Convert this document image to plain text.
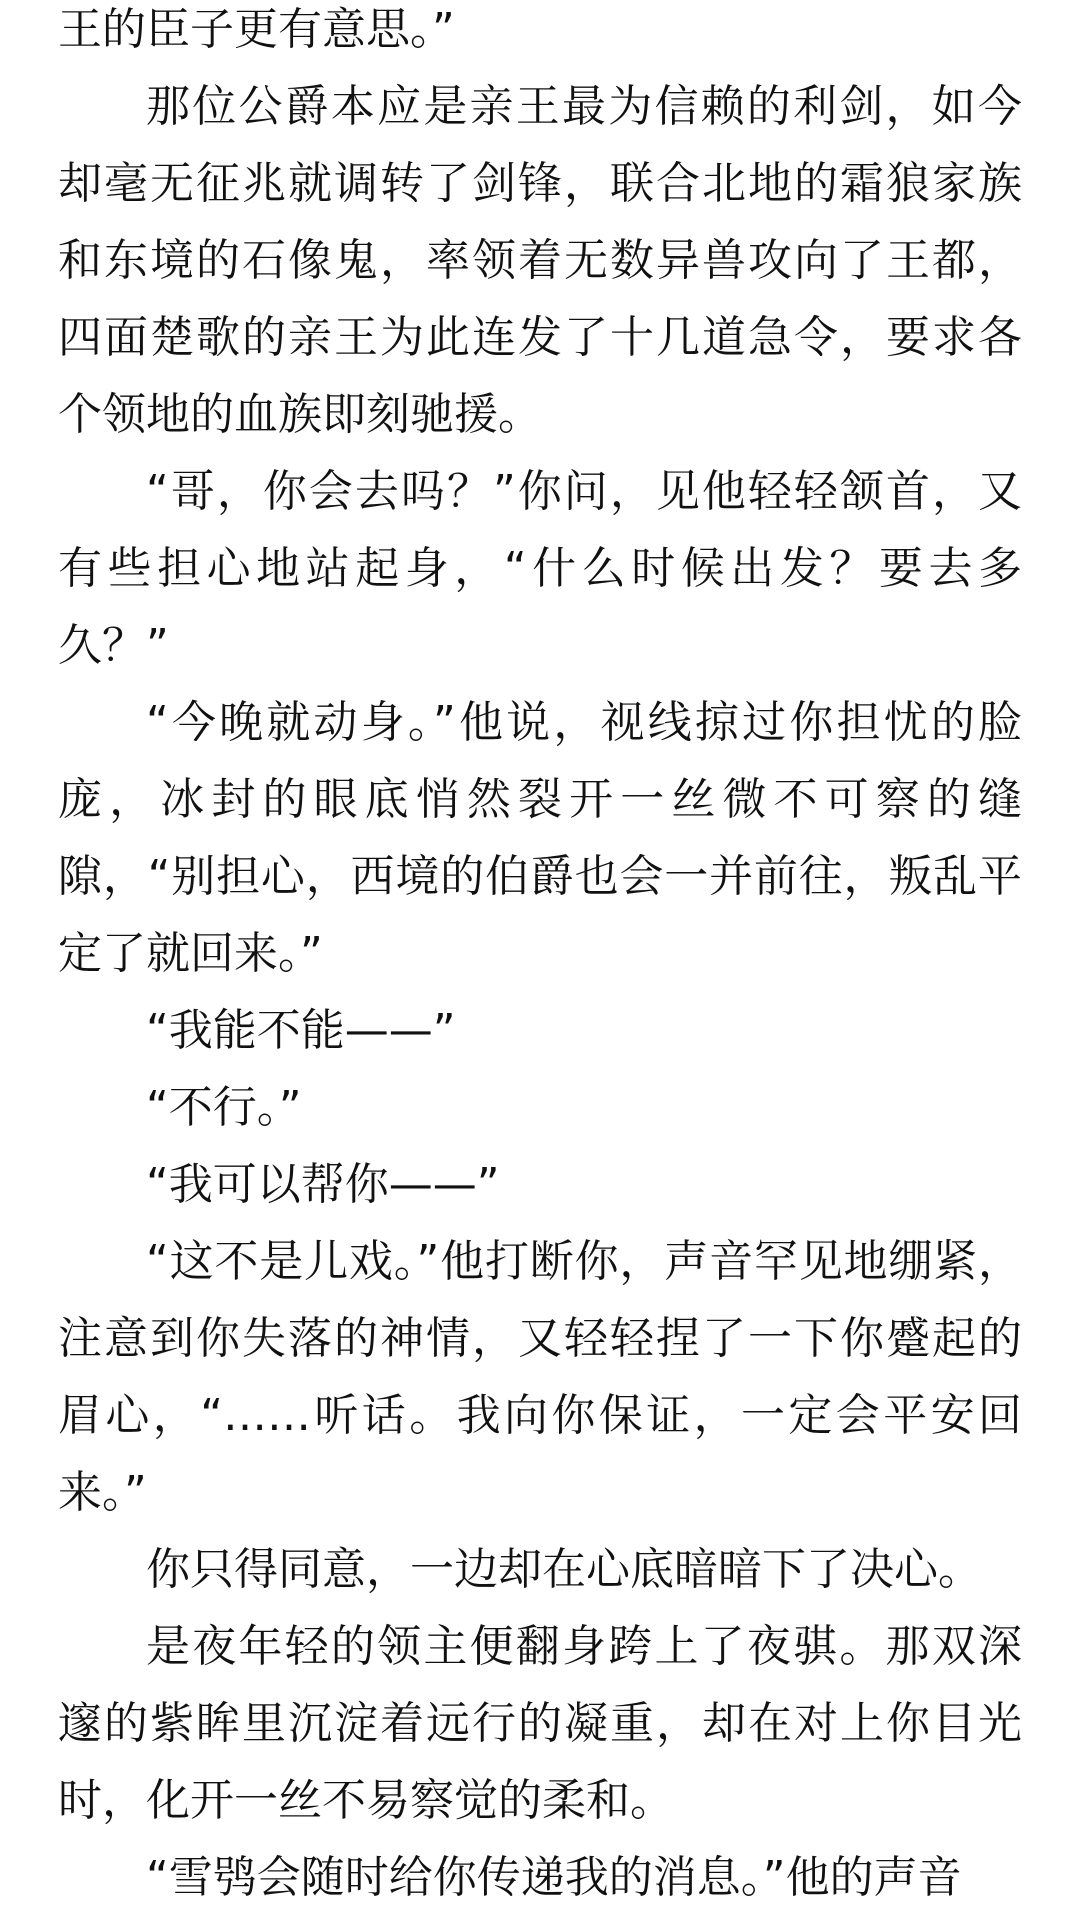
王的臣子更有意思。”

那位公爵本应是亲王最为信赖的利剑，如今却毫无征兆就调转了剑锋，联合北地的霜狼家族和东境的石像鬼，率领着无数异兽攻向了王都，四面楚歌的亲王为此连发了十几道急令，要求各个领地的血族即刻驰援。

“哥，你会去吗？”你问，见他轻轻颔首，又有些担心地站起身，“什么时候出发？要去多久？”

“今晚就动身。”他说，视线掠过你担忧的脸庞，冰封的眼底悄然裂开一丝微不可察的缝隙，“别担心，西境的伯爵也会一并前往，叛乱平定了就回来。”

“我能不能——”

“不行。”

“我可以帮你——”

“这不是儿戏。”他打断你，声音罕见地绷紧，注意到你失落的神情，又轻轻捏了一下你蹙起的眉心，“……听话。我向你保证，一定会平安回来。”

你只得同意，一边却在心底暗暗下了决心。

是夜年轻的领主便翻身跨上了夜骐。那双深邃的紫眸里沉淀着远行的凝重，却在对上你目光时，化开一丝不易察觉的柔和。

“雪鸮会随时给你传递我的消息。”他的声音
